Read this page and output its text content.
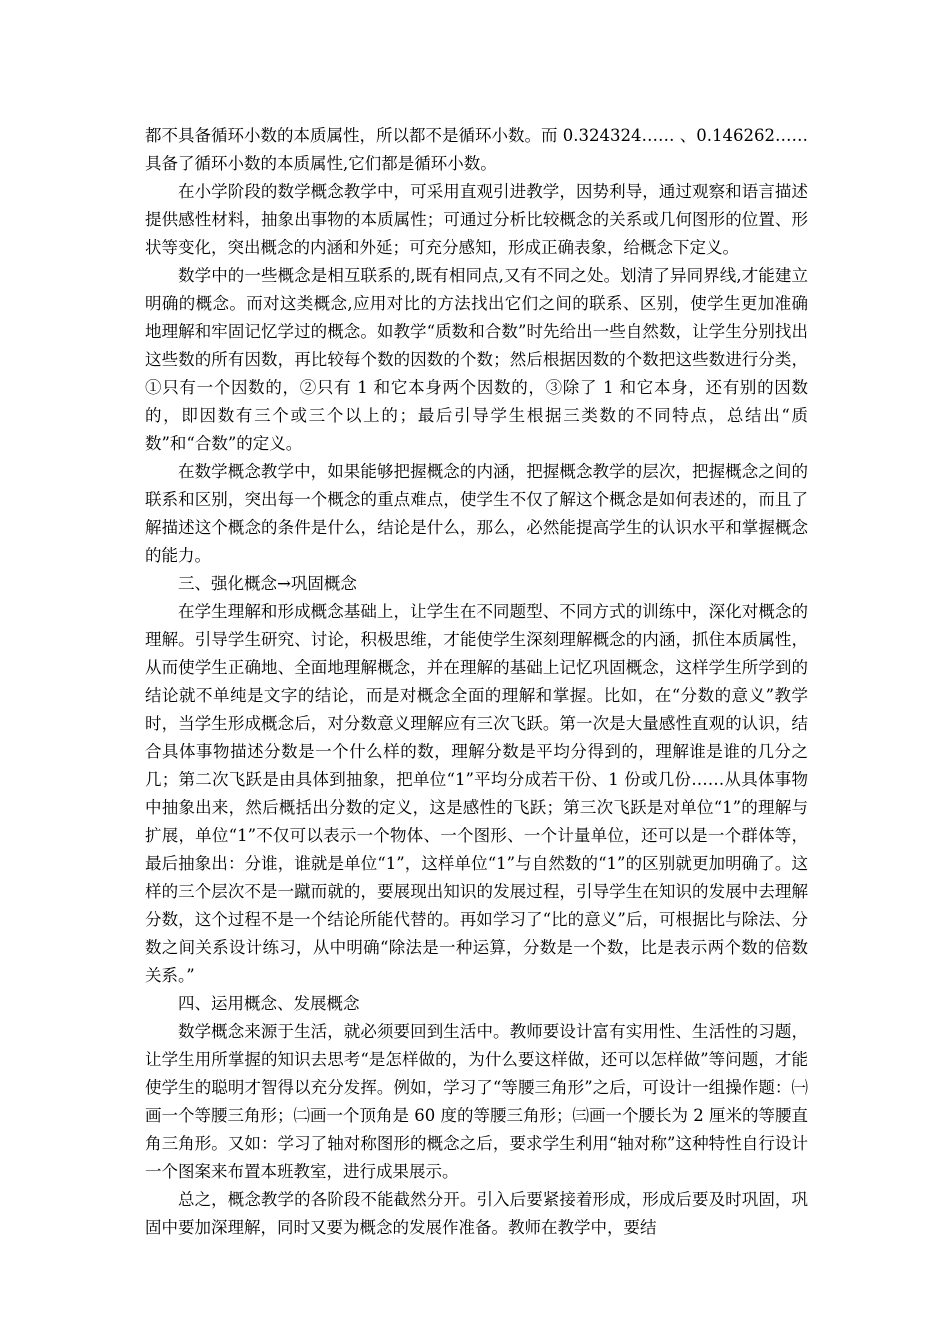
都不具备循环小数的本质属性，所以都不是循环小数。而 0.324324…… 、0.146262……具备了循环小数的本质属性,它们都是循环小数。

在小学阶段的数学概念教学中，可采用直观引进教学，因势利导，通过观察和语言描述提供感性材料，抽象出事物的本质属性；可通过分析比较概念的关系或几何图形的位置、形状等变化，突出概念的内涵和外延；可充分感知，形成正确表象，给概念下定义。

数学中的一些概念是相互联系的,既有相同点,又有不同之处。划清了异同界线,才能建立明确的概念。而对这类概念,应用对比的方法找出它们之间的联系、区别，使学生更加准确地理解和牢固记忆学过的概念。如教学“质数和合数”时先给出一些自然数，让学生分别找出这些数的所有因数，再比较每个数的因数的个数；然后根据因数的个数把这些数进行分类，①只有一个因数的，②只有 1 和它本身两个因数的，③除了 1 和它本身，还有别的因数的，即因数有三个或三个以上的；最后引导学生根据三类数的不同特点，总结出“质数”和“合数”的定义。

在数学概念教学中，如果能够把握概念的内涵，把握概念教学的层次，把握概念之间的联系和区别，突出每一个概念的重点难点，使学生不仅了解这个概念是如何表述的，而且了解描述这个概念的条件是什么，结论是什么，那么，必然能提高学生的认识水平和掌握概念的能力。

三、强化概念→巩固概念

在学生理解和形成概念基础上，让学生在不同题型、不同方式的训练中，深化对概念的理解。引导学生研究、讨论，积极思维，才能使学生深刻理解概念的内涵，抓住本质属性，从而使学生正确地、全面地理解概念，并在理解的基础上记忆巩固概念，这样学生所学到的结论就不单纯是文字的结论，而是对概念全面的理解和掌握。比如，在“分数的意义”教学时，当学生形成概念后，对分数意义理解应有三次飞跃。第一次是大量感性直观的认识，结合具体事物描述分数是一个什么样的数，理解分数是平均分得到的，理解谁是谁的几分之几；第二次飞跃是由具体到抽象，把单位“1”平均分成若干份、1 份或几份……从具体事物中抽象出来，然后概括出分数的定义，这是感性的飞跃；第三次飞跃是对单位“1”的理解与扩展，单位“1”不仅可以表示一个物体、一个图形、一个计量单位，还可以是一个群体等，最后抽象出：分谁，谁就是单位“1”，这样单位“1”与自然数的“1”的区别就更加明确了。这样的三个层次不是一蹴而就的，要展现出知识的发展过程，引导学生在知识的发展中去理解分数，这个过程不是一个结论所能代替的。再如学习了“比的意义”后，可根据比与除法、分数之间关系设计练习，从中明确“除法是一种运算，分数是一个数，比是表示两个数的倍数关系。”

四、运用概念、发展概念

数学概念来源于生活，就必须要回到生活中。教师要设计富有实用性、生活性的习题，让学生用所掌握的知识去思考“是怎样做的，为什么要这样做，还可以怎样做”等问题，才能使学生的聪明才智得以充分发挥。例如，学习了“等腰三角形”之后，可设计一组操作题：㈠画一个等腰三角形；㈡画一个顶角是 60 度的等腰三角形；㈢画一个腰长为 2 厘米的等腰直角三角形。又如：学习了轴对称图形的概念之后，要求学生利用“轴对称”这种特性自行设计一个图案来布置本班教室，进行成果展示。

总之，概念教学的各阶段不能截然分开。引入后要紧接着形成，形成后要及时巩固，巩固中要加深理解，同时又要为概念的发展作准备。教师在教学中，要结
